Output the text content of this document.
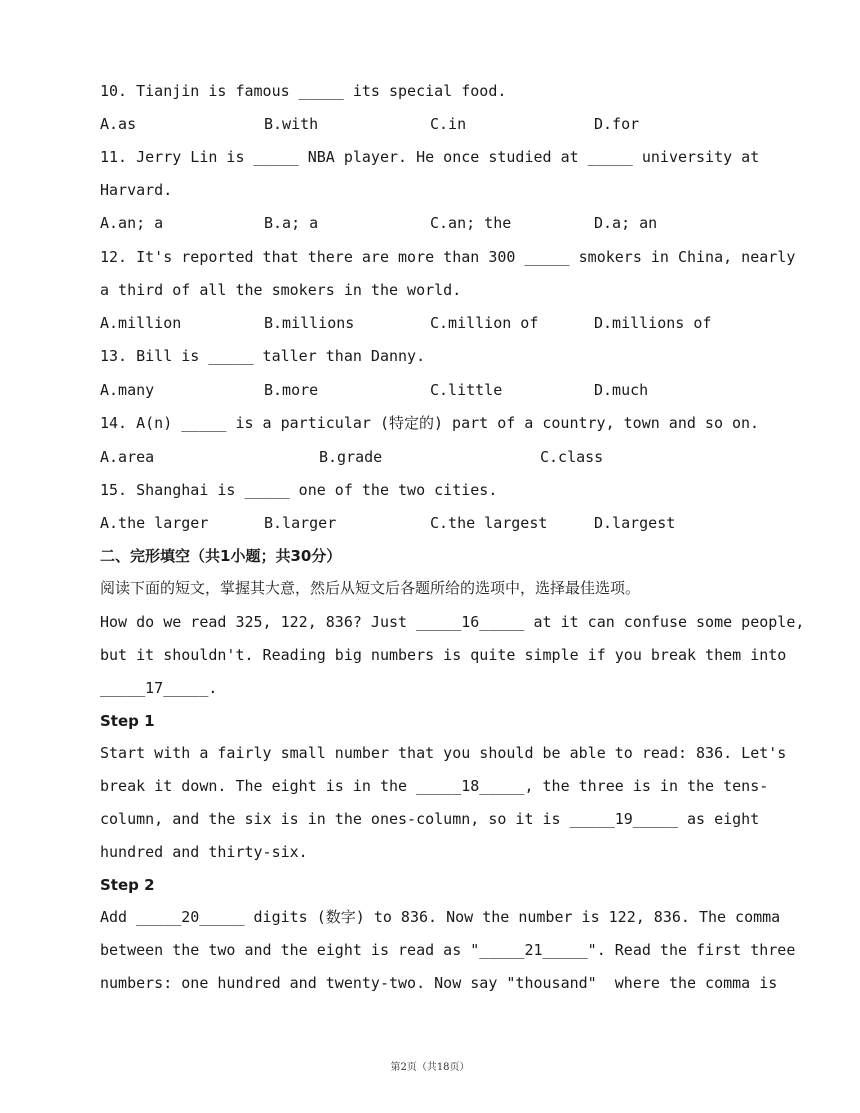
10. Tianjin is famous _____ its special food.
A.as	B.with	C.in	D.for
11. Jerry Lin is _____ NBA player. He once studied at _____ university at
Harvard.
A.an; a	B.a; a	C.an; the	D.a; an
12. It's reported that there are more than 300 _____ smokers in China, nearly
a third of all the smokers in the world.
A.million	B.millions	C.million of	D.millions of
13. Bill is _____ taller than Danny.
A.many	B.more	C.little	D.much
14. A(n) _____ is a particular (特定的) part of a country, town and so on.
A.area	B.grade	C.class
15. Shanghai is _____ one of the two cities.
A.the larger	B.larger	C.the largest	D.largest
二、完形填空（共1小题；共30分）
阅读下面的短文，掌握其大意，然后从短文后各题所给的选项中，选择最佳选项。
How do we read 325, 122, 836? Just _____16_____ at it can confuse some people,
but it shouldn't. Reading big numbers is quite simple if you break them into
_____17_____.
Step 1
Start with a fairly small number that you should be able to read: 836. Let's
break it down. The eight is in the _____18_____, the three is in the tens-
column, and the six is in the ones-column, so it is _____19_____ as eight
hundred and thirty-six.
Step 2
Add _____20_____ digits (数字) to 836. Now the number is 122, 836. The comma
between the two and the eight is read as "_____21_____". Read the first three
numbers: one hundred and twenty-two. Now say "thousand"  where the comma is
第2页（共18页）
